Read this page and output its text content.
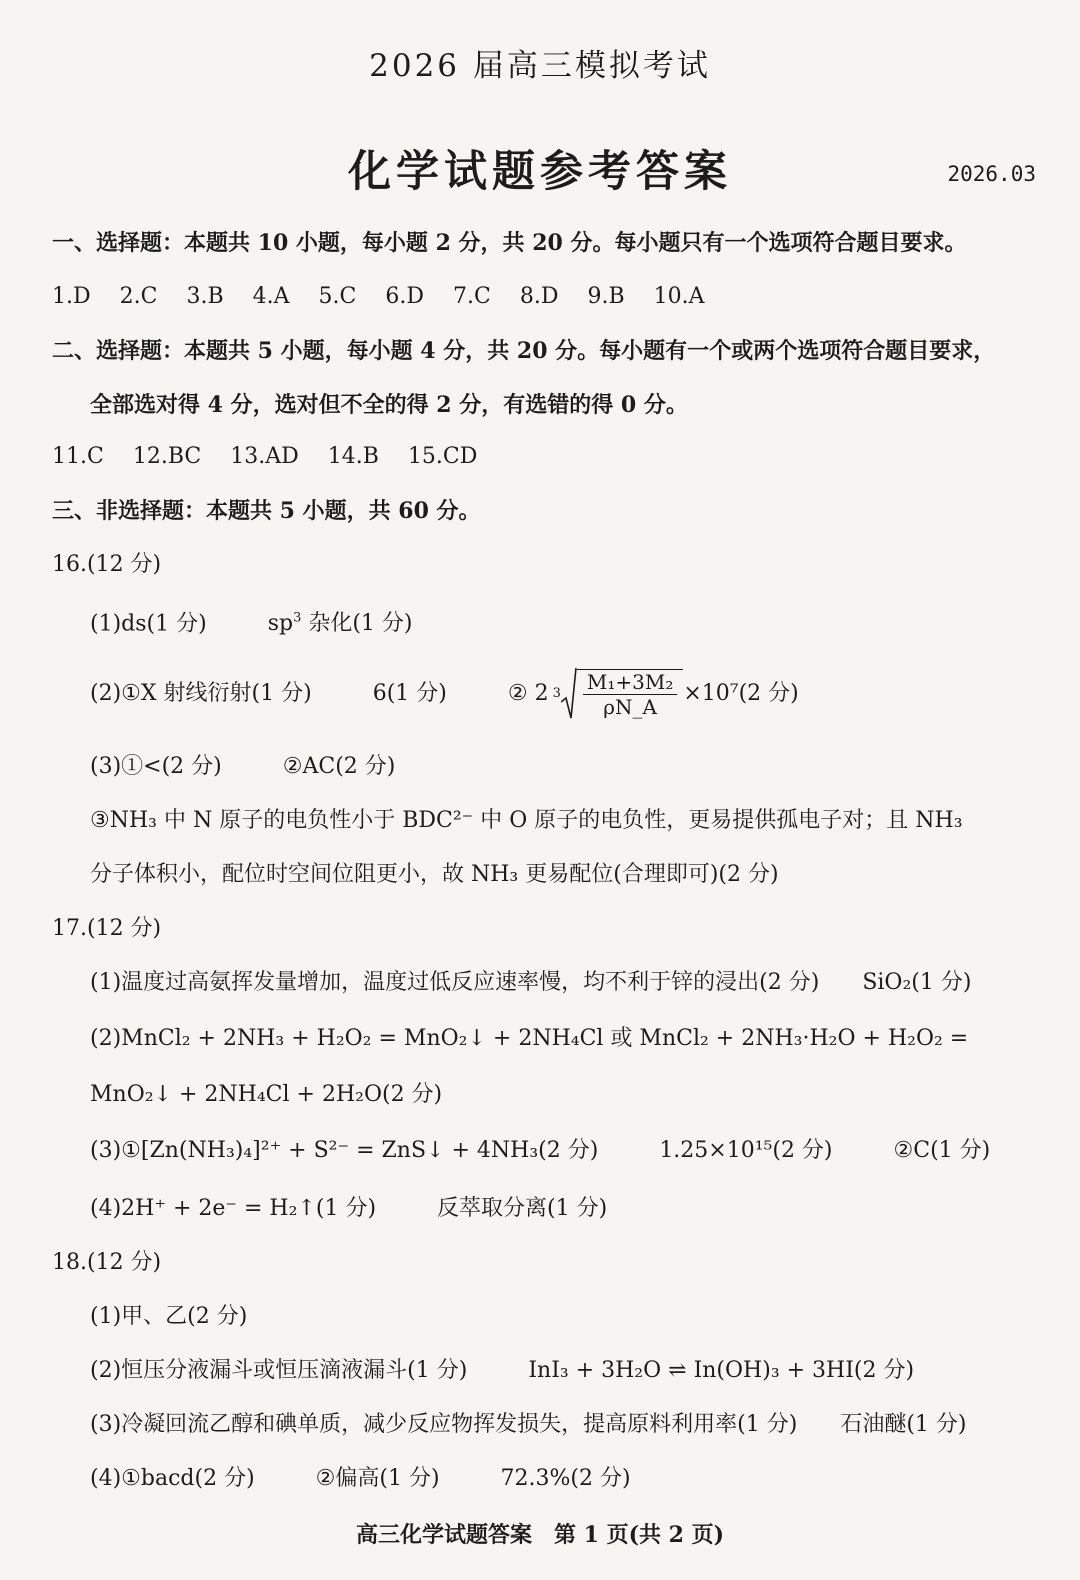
2026 届高三模拟考试
化学试题参考答案	2026.03
一、选择题：本题共 10 小题，每小题 2 分，共 20 分。每小题只有一个选项符合题目要求。
1.D 2.C 3.B 4.A 5.C 6.D 7.C 8.D 9.B 10.A
二、选择题：本题共 5 小题，每小题 4 分，共 20 分。每小题有一个或两个选项符合题目要求，
全部选对得 4 分，选对但不全的得 2 分，有选错的得 0 分。
11.C 12.BC 13.AD 14.B 15.CD
三、非选择题：本题共 5 小题，共 60 分。
16.(12 分)
(1)ds(1 分)	$sp^3$ 杂化(1 分)
(2)①X 射线衍射(1 分)	6(1 分)	② 2 $3 \frac{\text{M₁+3M₂}}{\rho N\_A} \times 10^7(2$ 分)
(3)①<(2 分)	②AC(2 分)
③NH₃ 中 N 原子的电负性小于 BDC²⁻ 中 O 原子的电负性，更易提供孤电子对；且 NH₃
分子体积小，配位时空间位阻更小，故 NH₃ 更易配位(合理即可)(2 分)
17.(12 分)
(1)温度过高氨挥发量增加，温度过低反应速率慢，均不利于锌的浸出(2 分) SiO₂(1 分)
(2)MnCl₂ + 2NH₃ + H₂O₂ = MnO₂↓ + 2NH₄Cl 或 MnCl₂ + 2NH₃·H₂O + H₂O₂ =
MnO₂↓ + 2NH₄Cl + 2H₂O(2 分)
(3)①[Zn(NH₃)₄]²⁺ + S²⁻ = ZnS↓ + 4NH₃(2 分)	1.25×10¹⁵(2 分)	②C(1 分)
(4)2H⁺ + 2e⁻ = H₂↑(1 分)	反萃取分离(1 分)
18.(12 分)
(1)甲、乙(2 分)
(2)恒压分液漏斗或恒压滴液漏斗(1 分)	InI₃ + 3H₂O ⇌ In(OH)₃ + 3HI(2 分)
(3)冷凝回流乙醇和碘单质，减少反应物挥发损失，提高原料利用率(1 分) 石油醚(1 分)
(4)①bacd(2 分)	②偏高(1 分)	72.3%(2 分)
高三化学试题答案　第 1 页(共 2 页)
